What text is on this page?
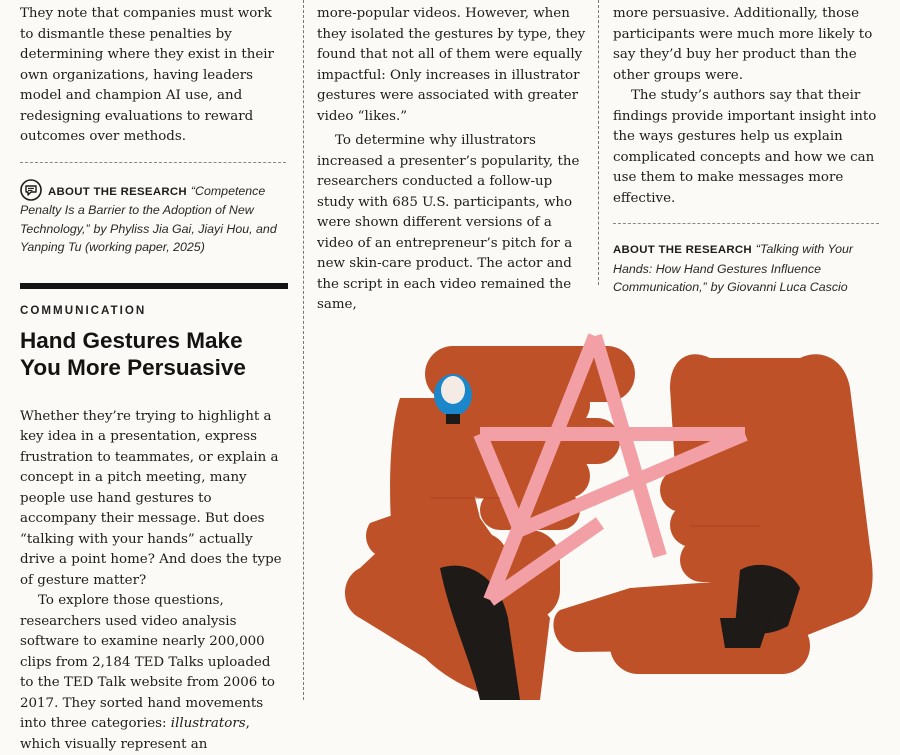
They note that companies must work to dismantle these penalties by determining where they exist in their own organizations, having leaders model and champion AI use, and redesigning evaluations to reward outcomes over methods.

ABOUT THE RESEARCH “Competence Penalty Is a Barrier to the Adoption of New Technology,” by Phyliss Jia Gai, Jiayi Hou, and Yanping Tu (working paper, 2025)
COMMUNICATION
Hand Gestures Make You More Persuasive

Whether they’re trying to highlight a key idea in a presentation, express frustration to teammates, or explain a concept in a pitch meeting, many people use hand gestures to accompany their message. But does “talking with your hands” actually drive a point home? And does the type of gesture matter?

To explore those questions, researchers used video analysis software to examine nearly 200,000 clips from 2,184 TED Talks uploaded to the TED Talk website from 2006 to 2017. They sorted hand movements into three categories: illustrators, which visually represent an

more-popular videos. However, when they isolated the gestures by type, they found that not all of them were equally impactful: Only increases in illustrator gestures were associated with greater video “likes.”

To determine why illustrators increased a presenter’s popularity, the researchers conducted a follow-up study with 685 U.S. participants, who were shown different versions of a video of an entrepreneur’s pitch for a new skin-care product. The actor and the script in each video remained the same,

more persuasive. Additionally, those participants were much more likely to say they’d buy her product than the other groups were.

The study’s authors say that their findings provide important insight into the ways gestures help us explain complicated concepts and how we can use them to make messages more effective.

ABOUT THE RESEARCH “Talking with Your Hands: How Hand Gestures Influence Communication,” by Giovanni Luca Cascio
